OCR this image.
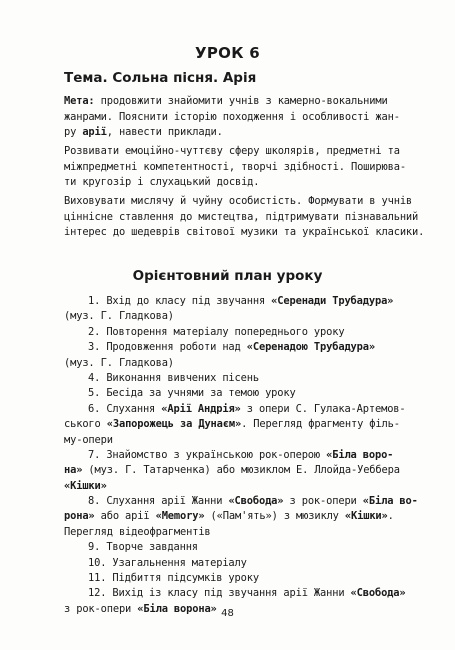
УРОК 6
Тема. Сольна пісня. Арія
Мета: продовжити знайомити учнів з камерно-вокальними
жанрами. Пояснити історію походження і особливості жан-
ру арії, навести приклади.
Розвивати емоційно-чуттєву сферу школярів, предметні та
міжпредметні компетентності, творчі здібності. Поширюва-
ти кругозір і слухацький досвід.
Виховувати мислячу й чуйну особистість. Формувати в учнів
ціннісне ставлення до мистецтва, підтримувати пізнавальний
інтерес до шедеврів світової музики та української класики.
Орієнтовний план уроку
1. Вхід до класу під звучання «Серенади Трубадура»
(муз. Г. Гладкова)
2. Повторення матеріалу попереднього уроку
3. Продовження роботи над «Серенадою Трубадура»
(муз. Г. Гладкова)
4. Виконання вивчених пісень
5. Бесіда за учнями за темою уроку
6. Слухання «Арії Андрія» з опери С. Гулака-Артемов-
ського «Запорожець за Дунаєм». Перегляд фрагменту філь-
му-опери
7. Знайомство з українською рок-оперою «Біла воро-
на» (муз. Г. Татарченка) або мюзиклом Е. Ллойда-Уеббера
«Кішки»
8. Слухання арії Жанни «Свобода» з рок-опери «Біла во-
рона» або арії «Memory» («Пам'ять») з мюзиклу «Кішки».
Перегляд відеофрагментів
9. Творче завдання
10. Узагальнення матеріалу
11. Підбиття підсумків уроку
12. Вихід із класу під звучання арії Жанни «Свобода»
з рок-опери «Біла ворона» 48
